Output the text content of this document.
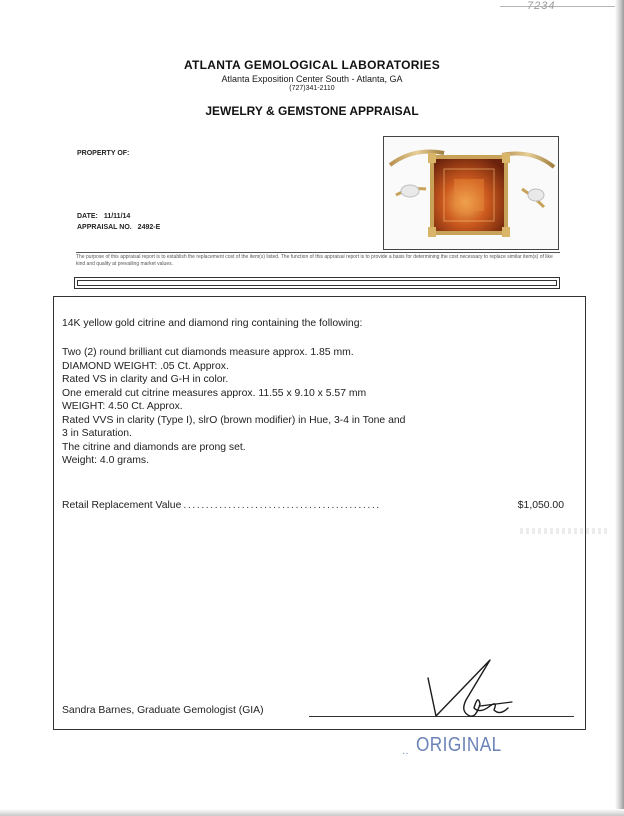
7234
ATLANTA GEMOLOGICAL LABORATORIES
Atlanta Exposition Center South - Atlanta, GA
(727)341-2110
JEWELRY & GEMSTONE APPRAISAL
PROPERTY OF:
DATE: 11/11/14
APPRAISAL NO. 2492-E
The purpose of this appraisal report is to establish the replacement cost of the item(s) listed. The function of this appraisal report is to provide a basis for determining the cost necessary to replace similar item(s) of like kind and quality at prevailing market values.
14K yellow gold citrine and diamond ring containing the following:
Two (2) round brilliant cut diamonds measure approx. 1.85 mm.
DIAMOND WEIGHT: .05 Ct. Approx.
Rated VS in clarity and G-H in color.
One emerald cut citrine measures approx. 11.55 x 9.10 x 5.57 mm
WEIGHT: 4.50 Ct. Approx.
Rated VVS in clarity (Type I), slrO (brown modifier) in Hue, 3-4 in Tone and
3 in Saturation.
The citrine and diamonds are prong set.
Weight: 4.0 grams.
Retail Replacement Value ............................................	$1,050.00
Sandra Barnes, Graduate Gemologist (GIA)
·· ORIGINAL
